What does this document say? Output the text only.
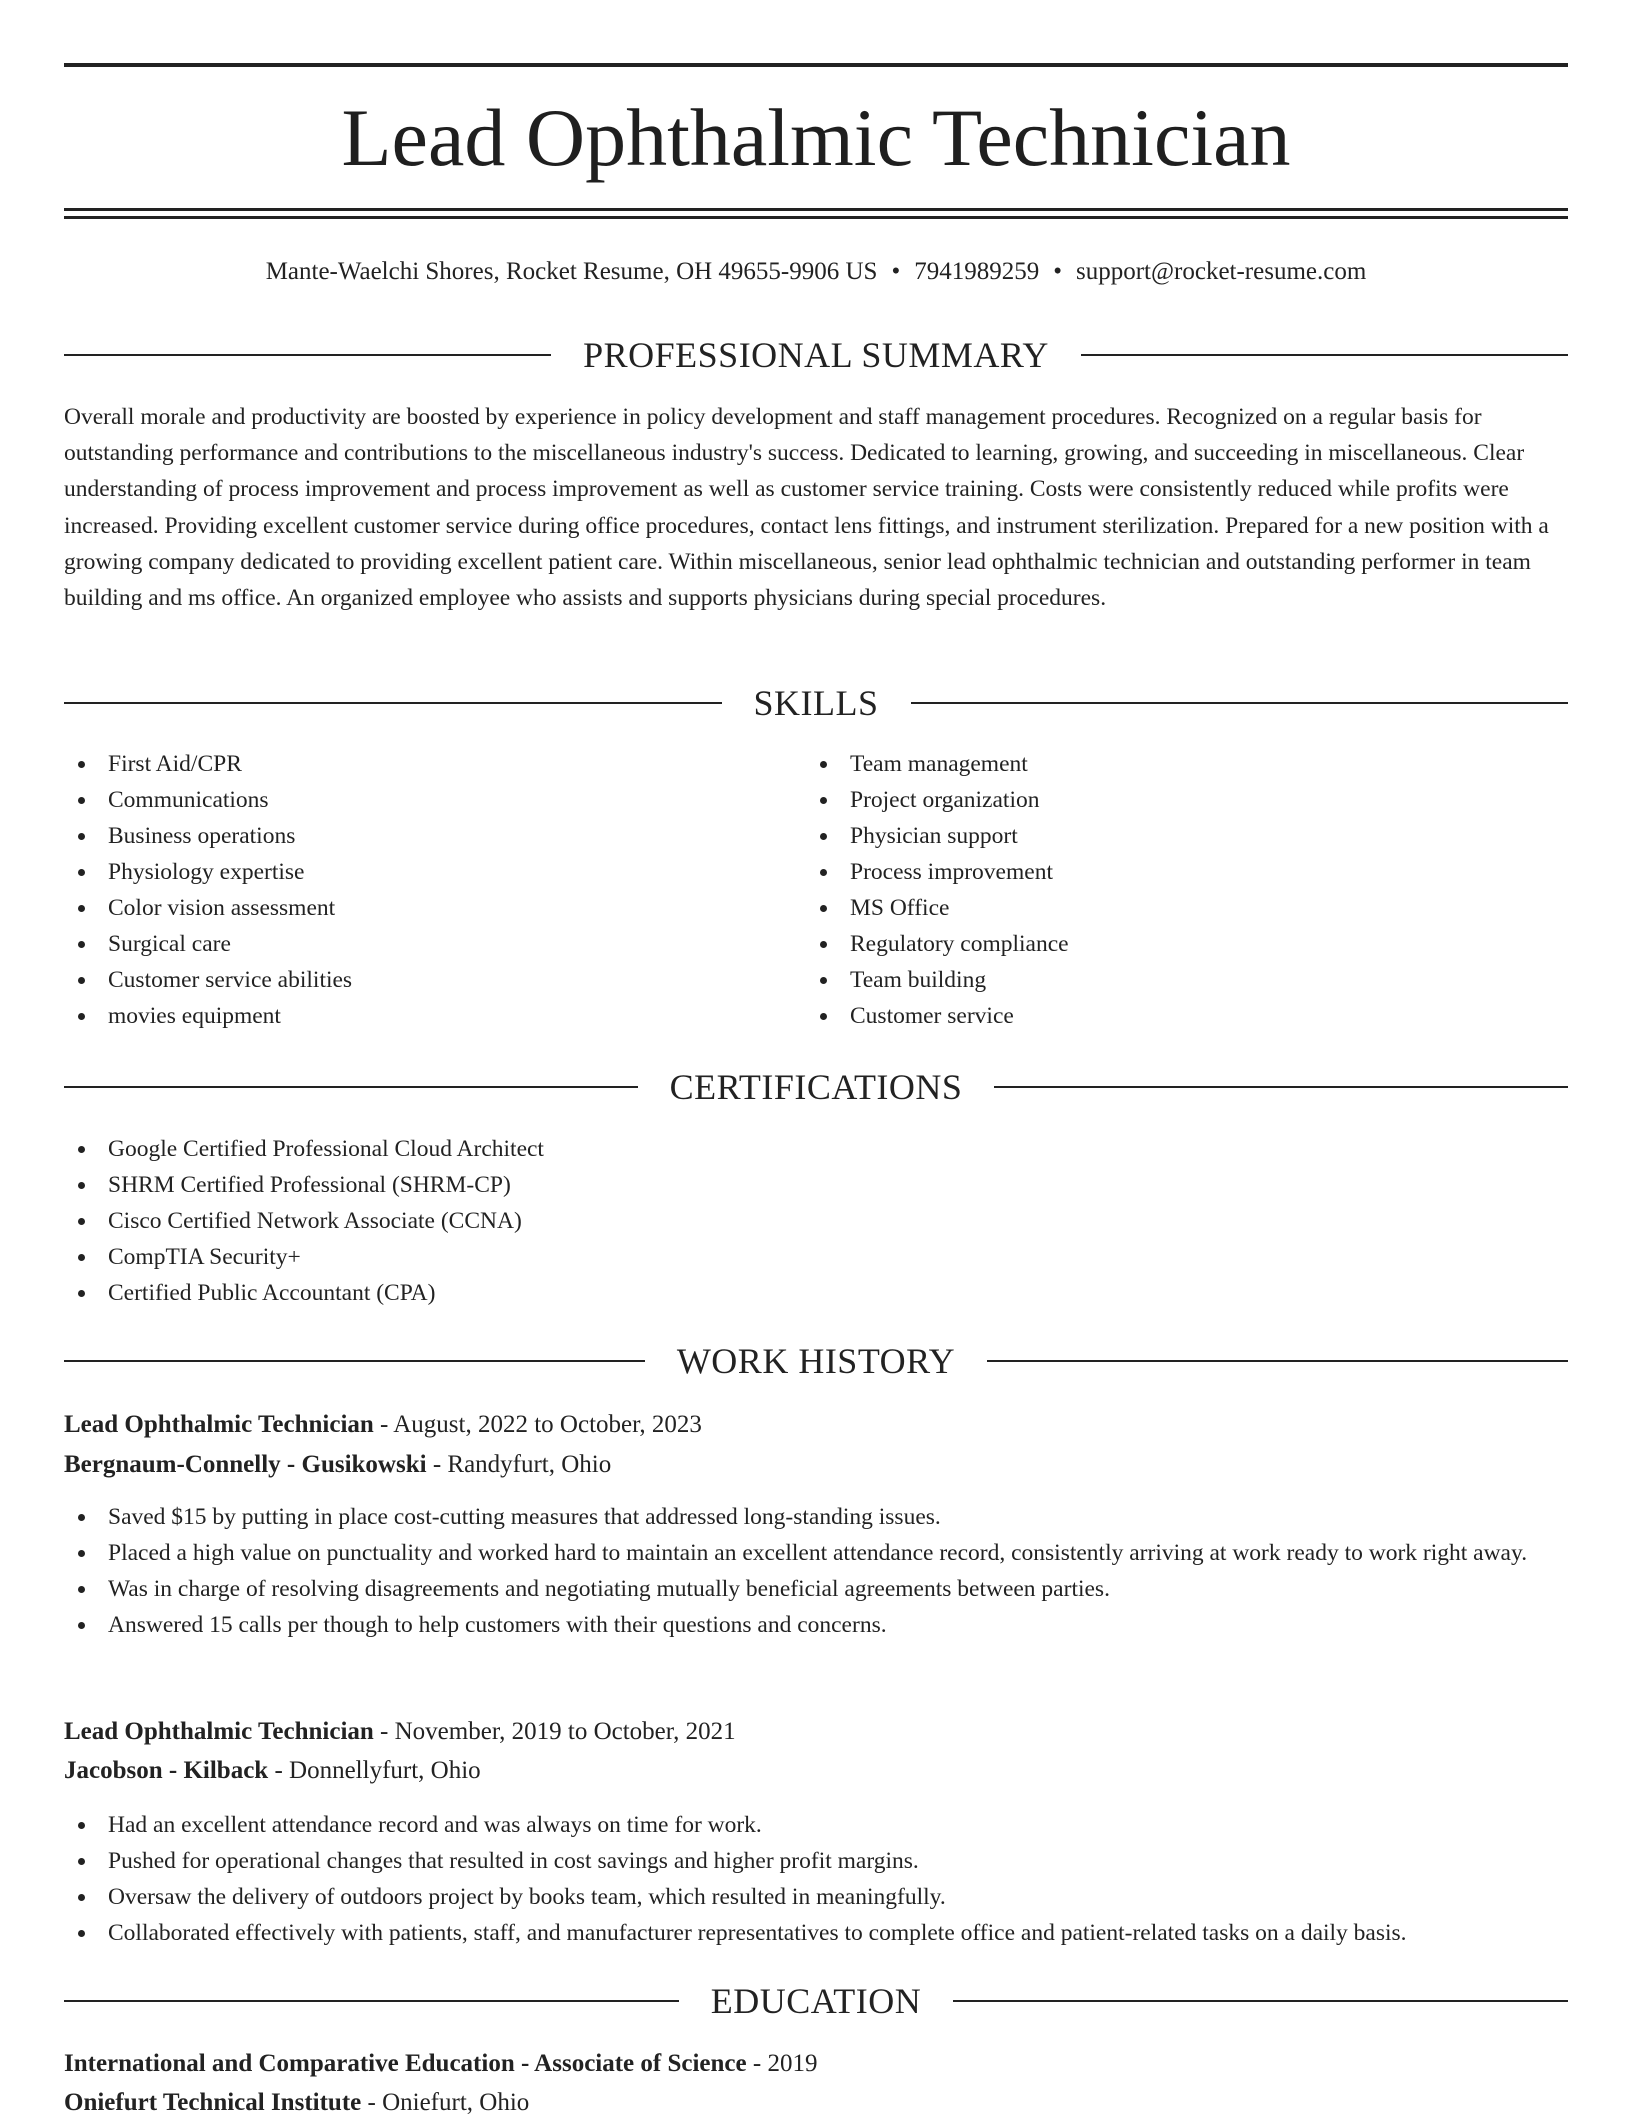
Lead Ophthalmic Technician
Mante-Waelchi Shores, Rocket Resume, OH 49655-9906 US • 7941989259 • support@rocket-resume.com
PROFESSIONAL SUMMARY

Overall morale and productivity are boosted by experience in policy development and staff management procedures. Recognized on a regular basis for outstanding performance and contributions to the miscellaneous industry's success. Dedicated to learning, growing, and succeeding in miscellaneous. Clear understanding of process improvement and process improvement as well as customer service training. Costs were consistently reduced while profits were increased. Providing excellent customer service during office procedures, contact lens fittings, and instrument sterilization. Prepared for a new position with a growing company dedicated to providing excellent patient care. Within miscellaneous, senior lead ophthalmic technician and outstanding performer in team building and ms office. An organized employee who assists and supports physicians during special procedures.

SKILLS
First Aid/CPR
Communications
Business operations
Physiology expertise
Color vision assessment
Surgical care
Customer service abilities
movies equipment
Team management
Project organization
Physician support
Process improvement
MS Office
Regulatory compliance
Team building
Customer service
CERTIFICATIONS
Google Certified Professional Cloud Architect
SHRM Certified Professional (SHRM-CP)
Cisco Certified Network Associate (CCNA)
CompTIA Security+
Certified Public Accountant (CPA)
WORK HISTORY
Lead Ophthalmic Technician - August, 2022 to October, 2023
Bergnaum-Connelly - Gusikowski - Randyfurt, Ohio
Saved $15 by putting in place cost-cutting measures that addressed long-standing issues.
Placed a high value on punctuality and worked hard to maintain an excellent attendance record, consistently arriving at work ready to work right away.
Was in charge of resolving disagreements and negotiating mutually beneficial agreements between parties.
Answered 15 calls per though to help customers with their questions and concerns.
Lead Ophthalmic Technician - November, 2019 to October, 2021
Jacobson - Kilback - Donnellyfurt, Ohio
Had an excellent attendance record and was always on time for work.
Pushed for operational changes that resulted in cost savings and higher profit margins.
Oversaw the delivery of outdoors project by books team, which resulted in meaningfully.
Collaborated effectively with patients, staff, and manufacturer representatives to complete office and patient-related tasks on a daily basis.
EDUCATION
International and Comparative Education - Associate of Science - 2019
Oniefurt Technical Institute - Oniefurt, Ohio
